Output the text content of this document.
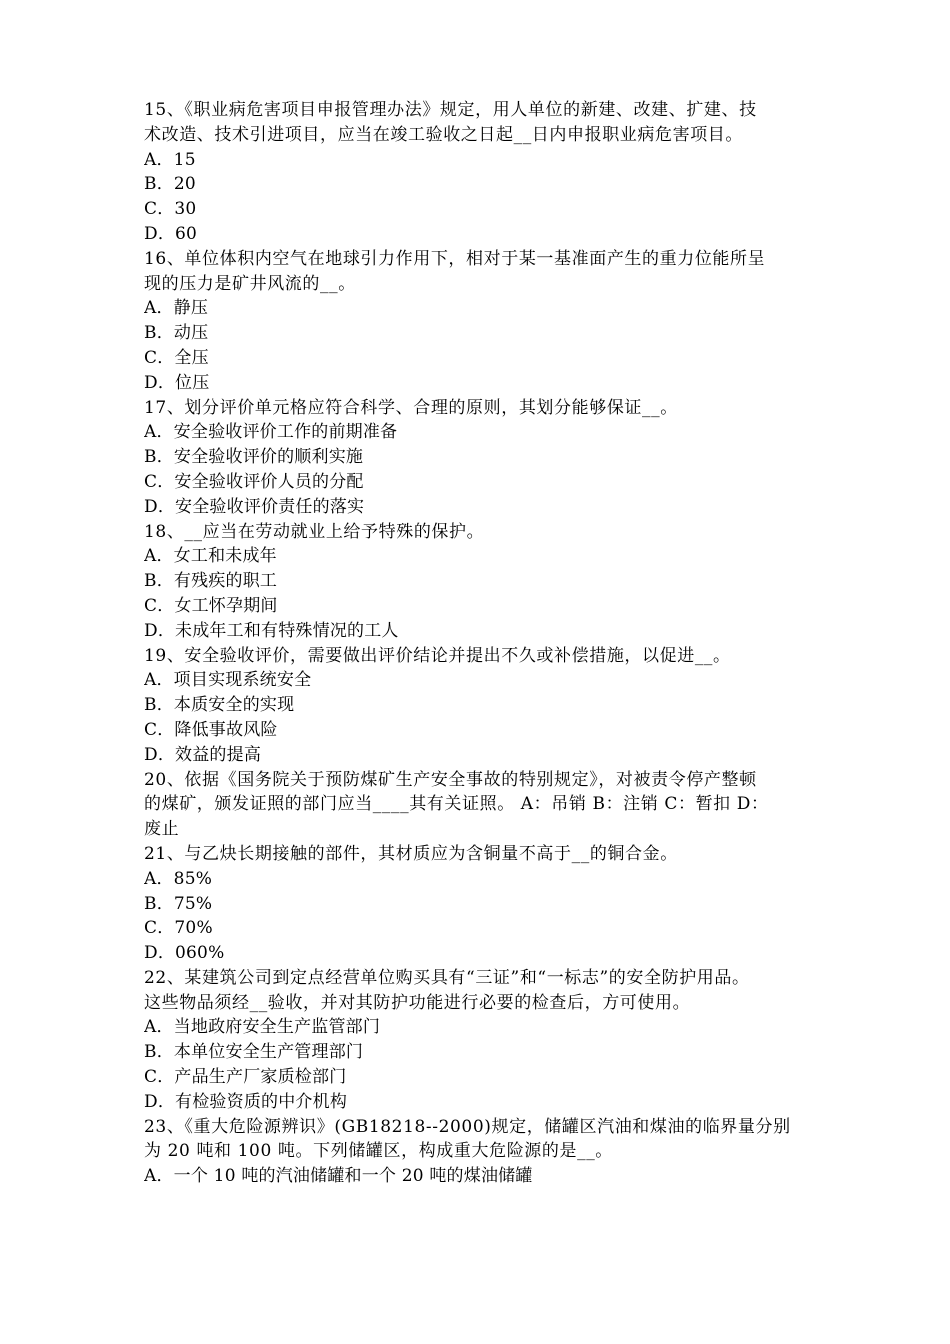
15、《职业病危害项目申报管理办法》规定，用人单位的新建、改建、扩建、技
术改造、技术引进项目，应当在竣工验收之日起__日内申报职业病危害项目。
A．15
B．20
C．30
D．60
16、单位体积内空气在地球引力作用下，相对于某一基准面产生的重力位能所呈
现的压力是矿井风流的__。
A．静压
B．动压
C．全压
D．位压
17、划分评价单元格应符合科学、合理的原则，其划分能够保证__。
A．安全验收评价工作的前期准备
B．安全验收评价的顺利实施
C．安全验收评价人员的分配
D．安全验收评价责任的落实
18、__应当在劳动就业上给予特殊的保护。
A．女工和未成年
B．有残疾的职工
C．女工怀孕期间
D．未成年工和有特殊情况的工人
19、安全验收评价，需要做出评价结论并提出不久或补偿措施，以促进__。
A．项目实现系统安全
B．本质安全的实现
C．降低事故风险
D．效益的提高
20、依据《国务院关于预防煤矿生产安全事故的特别规定》，对被责令停产整顿
的煤矿，颁发证照的部门应当____其有关证照。 A：吊销 B：注销 C：暂扣 D：
废止
21、与乙炔长期接触的部件，其材质应为含铜量不高于__的铜合金。
A．85%
B．75%
C．70%
D．060%
22、某建筑公司到定点经营单位购买具有“三证”和“一标志”的安全防护用品。
这些物品须经__验收，并对其防护功能进行必要的检查后，方可使用。
A．当地政府安全生产监管部门
B．本单位安全生产管理部门
C．产品生产厂家质检部门
D．有检验资质的中介机构
23、《重大危险源辨识》(GB18218--2000)规定，储罐区汽油和煤油的临界量分别
为 20 吨和 100 吨。下列储罐区，构成重大危险源的是__。
A．一个 10 吨的汽油储罐和一个 20 吨的煤油储罐
